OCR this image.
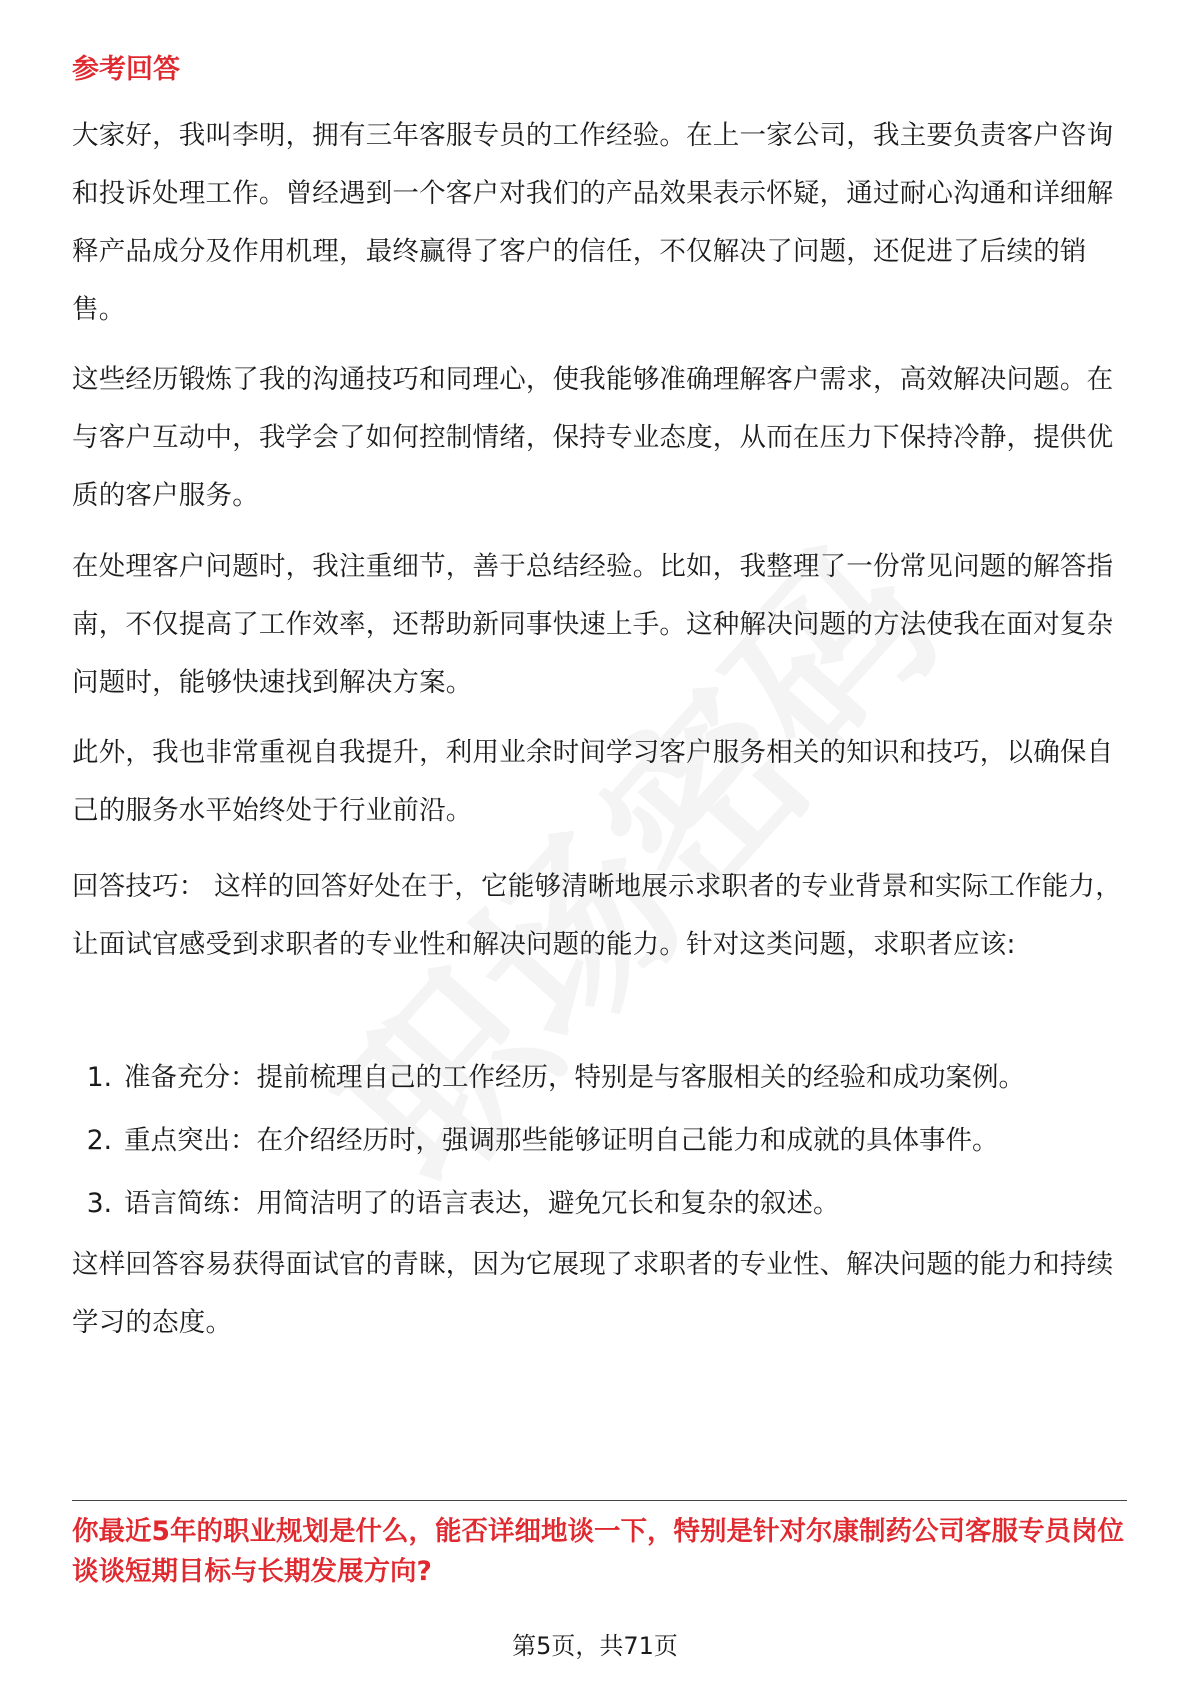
参考回答

大家好，我叫李明，拥有三年客服专员的工作经验。在上一家公司，我主要负责客户咨询和投诉处理工作。曾经遇到一个客户对我们的产品效果表示怀疑，通过耐心沟通和详细解释产品成分及作用机理，最终赢得了客户的信任，不仅解决了问题，还促进了后续的销售。

这些经历锻炼了我的沟通技巧和同理心，使我能够准确理解客户需求，高效解决问题。在与客户互动中，我学会了如何控制情绪，保持专业态度，从而在压力下保持冷静，提供优质的客户服务。

在处理客户问题时，我注重细节，善于总结经验。比如，我整理了一份常见问题的解答指南，不仅提高了工作效率，还帮助新同事快速上手。这种解决问题的方法使我在面对复杂问题时，能够快速找到解决方案。

此外，我也非常重视自我提升，利用业余时间学习客户服务相关的知识和技巧，以确保自己的服务水平始终处于行业前沿。

回答技巧： 这样的回答好处在于，它能够清晰地展示求职者的专业背景和实际工作能力，让面试官感受到求职者的专业性和解决问题的能力。针对这类问题，求职者应该:

1. 准备充分：提前梳理自己的工作经历，特别是与客服相关的经验和成功案例。
2. 重点突出：在介绍经历时，强调那些能够证明自己能力和成就的具体事件。
3. 语言简练：用简洁明了的语言表达，避免冗长和复杂的叙述。

这样回答容易获得面试官的青睐，因为它展现了求职者的专业性、解决问题的能力和持续学习的态度。

你最近5年的职业规划是什么，能否详细地谈一下，特别是针对尔康制药公司客服专员岗位谈谈短期目标与长期发展方向?

第5页，共71页
